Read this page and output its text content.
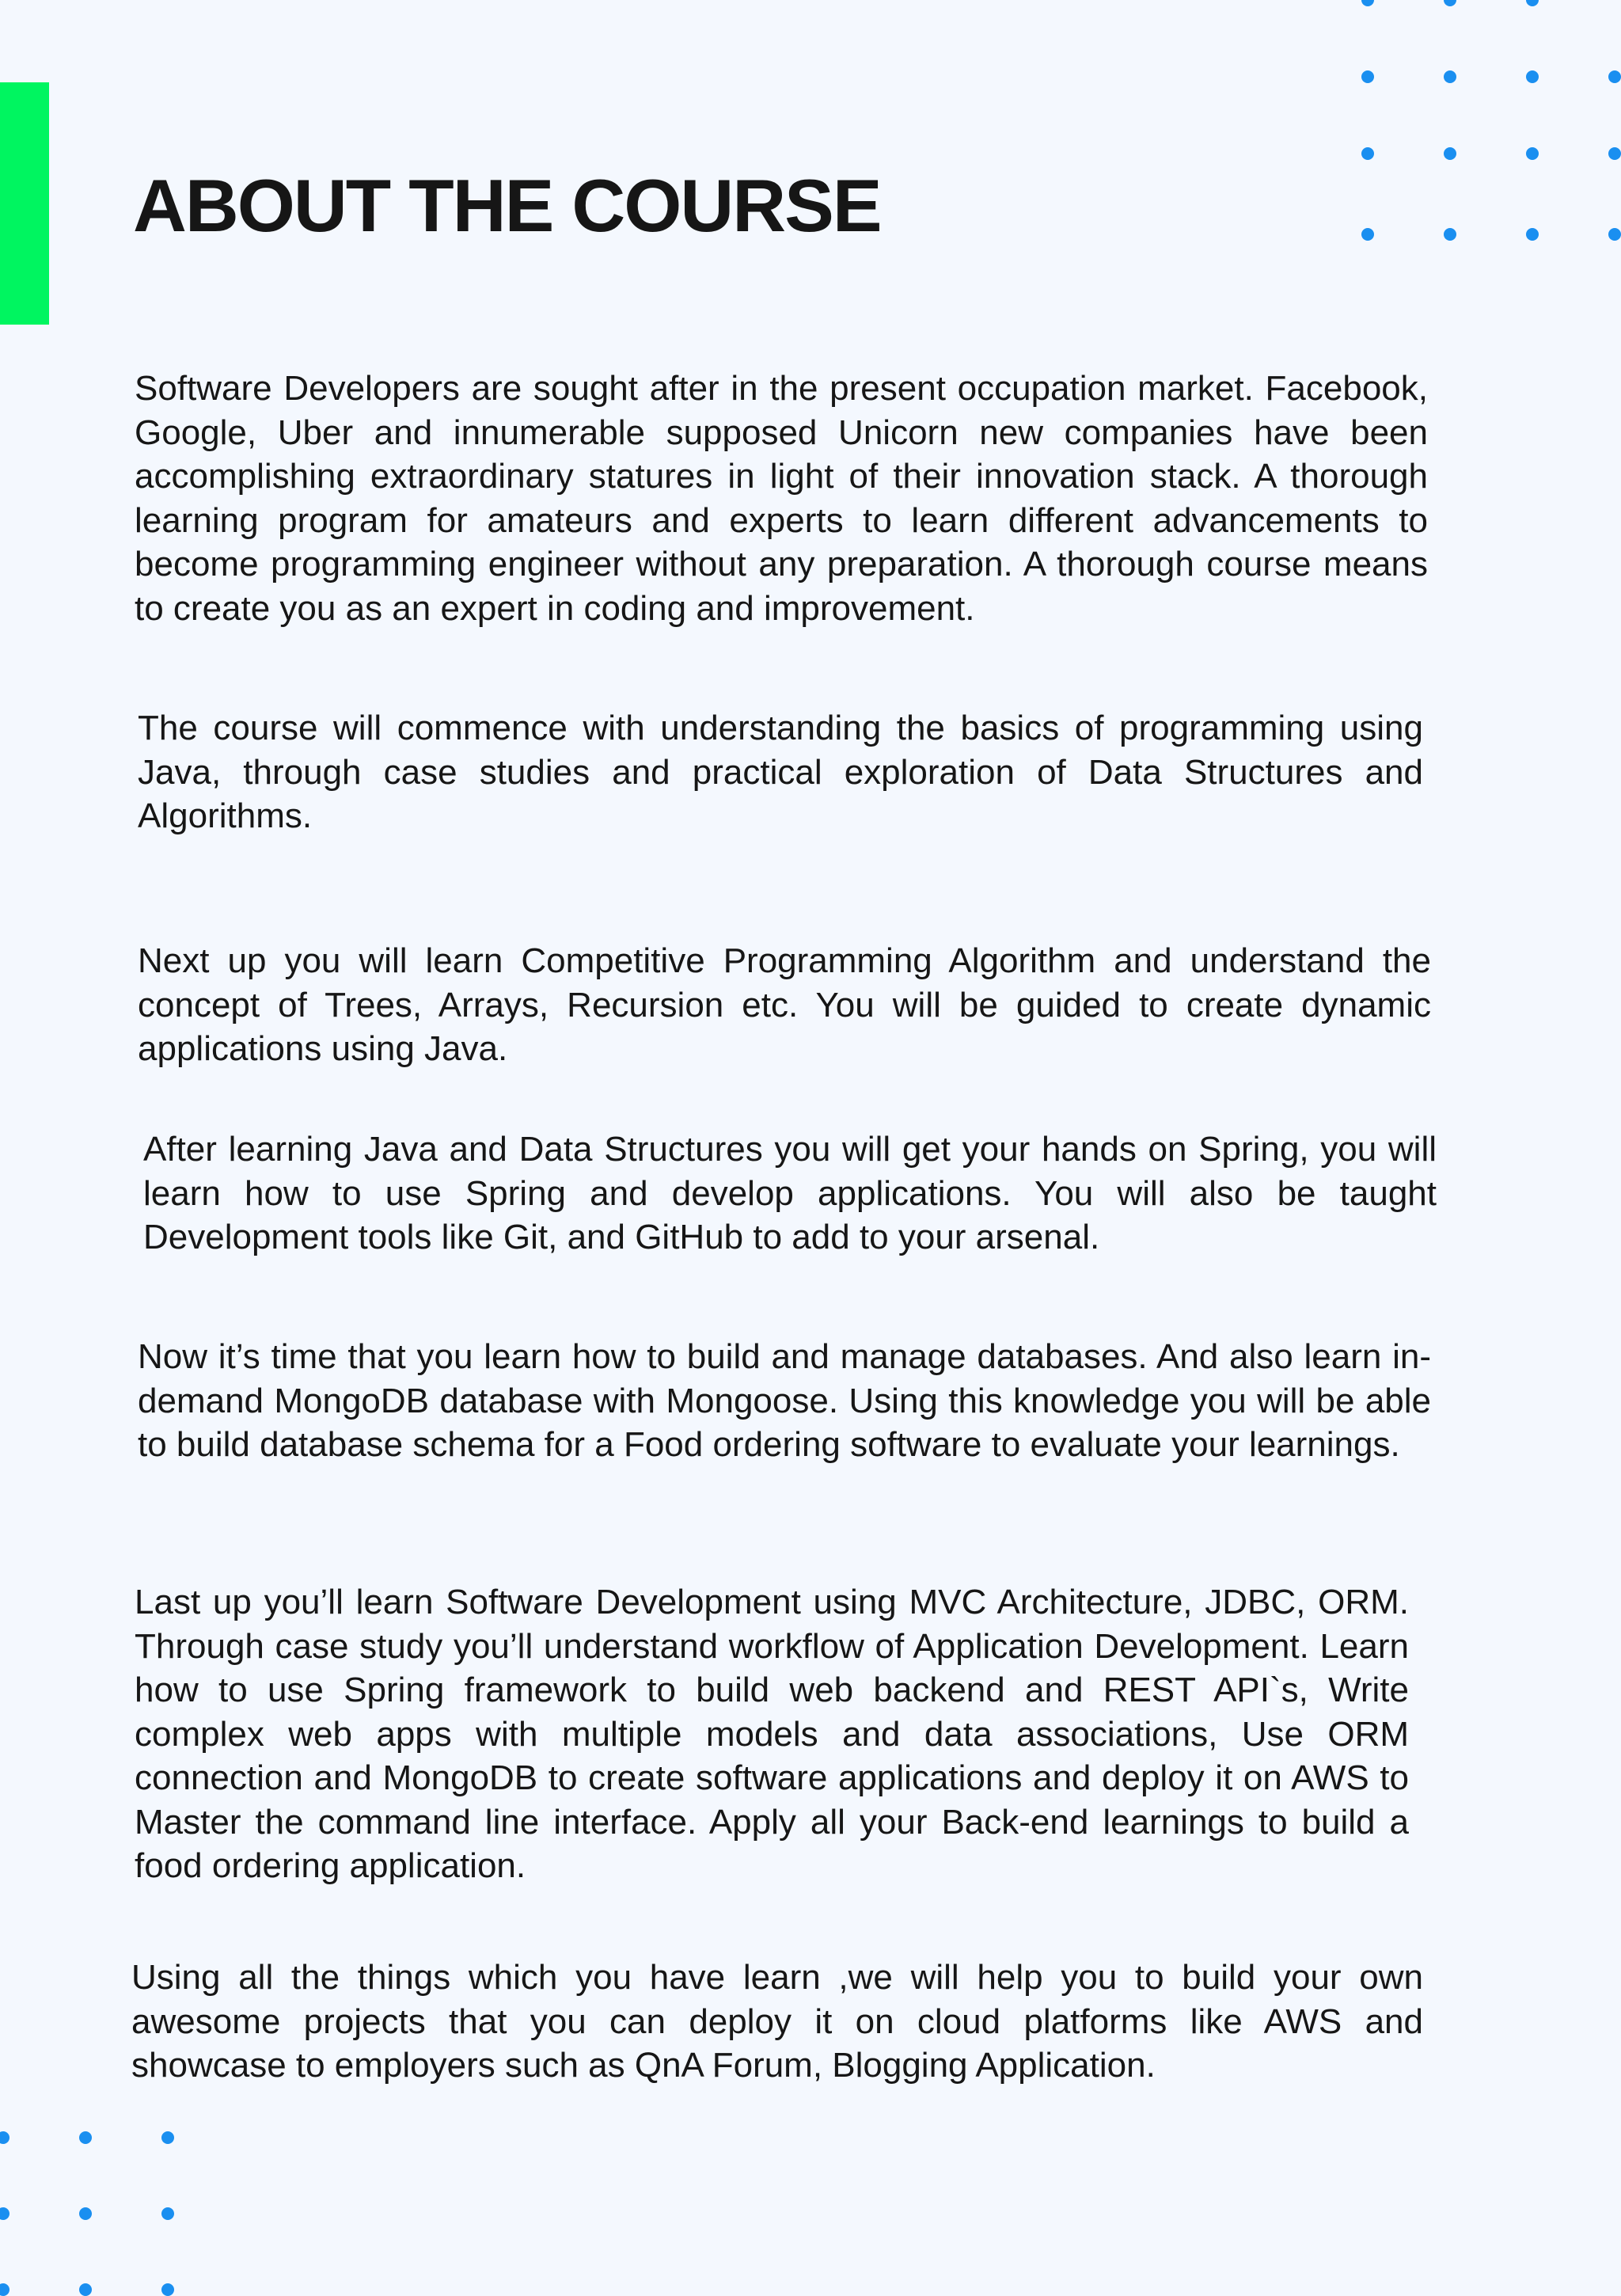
ABOUT THE COURSE

Software Developers are sought after in the present occupation market. Facebook, Google, Uber and innumerable supposed Unicorn new companies have been accomplishing extraordinary statures in light of their innovation stack. A thorough learning program for amateurs and experts to learn different advancements to become programming engineer without any preparation. A thorough course means to create you as an expert in coding and improvement.

The course will commence with understanding the basics of programming using Java, through case studies and practical exploration of Data Structures and Algorithms.

Next up you will learn Competitive Programming Algorithm and understand the concept of Trees, Arrays, Recursion etc. You will be guided to create dynamic applications using Java.

After learning Java and Data Structures you will get your hands on Spring, you will learn how to use Spring and develop applications. You will also be taught Development tools like Git, and GitHub to add to your arsenal.

Now it’s time that you learn how to build and manage databases. And also learn in-demand MongoDB database with Mongoose. Using this knowledge you will be able to build database schema for a Food ordering software to evaluate your learnings.

Last up you’ll learn Software Development using MVC Architecture, JDBC, ORM. Through case study you’ll understand workflow of Application Development. Learn how to use Spring framework to build web backend and REST API`s, Write complex web apps with multiple models and data associations, Use ORM connection and MongoDB to create software applications and deploy it on AWS to Master the command line interface. Apply all your Back-end learnings to build a food ordering application.

Using all the things which you have learn ,we will help you to build your own awesome projects that you can deploy it on cloud platforms like AWS and showcase to employers such as QnA Forum, Blogging Application.
